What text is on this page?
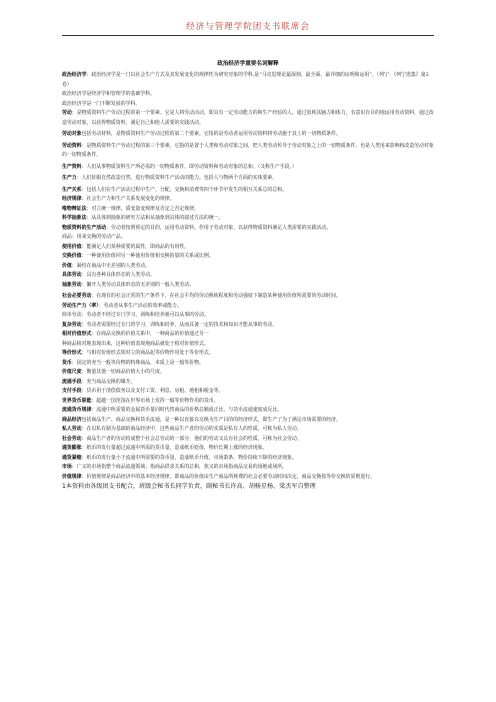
经济与管理学院团支书联席会
政治经济学重要名词解释

政治经济学：政治经济学是一门以社会生产方式及其发展变化的规律性为研究对象的学科,是“马克思理论最深刻、最全面、最详细的证明和运用”。（列宁：《列宁选集》第2卷）

政治经济学是经济学和管理学的基础学科。

政治经济学是一门不断发展的学科。

劳动：是物质资料生产劳动过程的第一个要素。它是人将劳动活动，即具有一定劳动能力的和生产经验的人，通过消耗其脑力和体力，有意识有目的地运用劳动资料，通过改造劳动对象，以获得物质资料，满足自己和他人需要的实践活动。

劳动对象包括劳动材料，是物质资料生产劳动过程的第二个要素。它指的是劳动者运用劳动资料将劳动施于其上的一切物质条件。

劳动资料：是物质资料生产劳动过程的第三个要素。它指的是置于人类和劳动对象之间，把人类劳动传导于劳动对象之上的一切物质条件，也是人类用来影响和改造劳动对象的一切物质条件。

生产资料：人们从事物质资料生产所必需的一切物质条件，即劳动资料和劳动对象的总和。（又称生产手段。）

生产力：人们征服自然改造自然，进行物质资料生产活动的能力。包括人与物两个方面的实体要素。

生产关系：包括人们在生产活动过程中生产、分配、交换和消费等四个环节中发生的相互关系总的总和。

经济规律：社会生产力和生产关系发展变化的规律。

唯物辩证法：对立统一规律、质变量变规律及否定之否定规律。

科学抽象法：从具体到抽象的研究方法和从抽象到具体的叙述方法的统一。

物质资料的生产活动：劳动者按照预定的目的，运用劳动资料，作用于劳动对象，以获得物质资料满足人类需要的实践活动。

商品：用来交换的劳动产品。

使用价值：能满足人们某种需要的属性，即商品的有用性。

交换价值：一种使用价值同另一种使用价值相交换的量的关系或比例。

价值：凝结在商品中无差别的人类劳动。

具体劳动：具有各种具体形态的人类劳动。

抽象劳动：撇开人类劳动具体形态的无差别的一般人类劳动。

社会必要劳动：在现有的社会正常的生产条件下，在社会平均的劳动熟练程度和劳动强度下制造某种使用价值所需要的劳动时间。

劳动生产力（率）：劳动者从事生产活动的效率或能力。

简单劳动：劳动者不经过专门学习，训练和培养就可以从事的劳动。

复杂劳动：劳动者需要经过专门的学习，训练和培养，从而具备一定的技术和知识才能从事的劳动。

相对价值形式：在商品交换的价值关系中，一种商品的价值通过另一

种商品相对地表现出来，这种价值表现地商品就处于相对价值形式。

等价形式：与相对价值形式相对立的商品起等价物作用处于等价形式。

货币：固定的充当一般等价物的特殊商品，本质上是一般等价物。

价值尺度：衡量其他一切商品价值大小的尺度。

流通手段：充当商品交换的媒介。

支付手段：货币用于清偿债务以及支付工资、利息、房租、地租和税金等。

世界货币职能：超越一国范围在世界市场上发挥一般等价物作用的货币。

流通货币规律：流通中所需要的金属货币量同时代售商品的价格总额成正比，与货币流通速度成反比。

商品经济包括商品生产、商品交换和货币流通，是一种以直接以交换为生产目的的经济形式，即生产了为了满足市场需要的经济。

私人劳动：在以私有制为基础的商品经济中，这些商品生产者的劳动的实质是私有人的性质，可称为私人劳动。

社会劳动：商品生产者的劳动构成整个社会总劳动的一部分，他们的劳动又具有社会的性质，可称为社会劳动。

通货膨胀：纸币的发行量超过流通中所需的货币量，造成纸币贬值，物价长期上涨的经济现象。

通货紧缩：纸币的发行量小于流通中所需要的货币量，造成纸币升值，市场萧条，物价持续下降的经济现象。

市场：广义的市场指整个商品流通领域；指商品供求关系的总和，狭义的市场指商品交易的场地或场所。

价值规律：价值规律是商品经济中的基本经济规律。即商品的价值由生产商品所耗费的社会必要劳动时间决定，商品交换按等价交换的原则进行。

1本资料由各级团支书配合，班级会秘书长同学负责，副秘书长许高、胡杨星杨、梁杰军自整理
